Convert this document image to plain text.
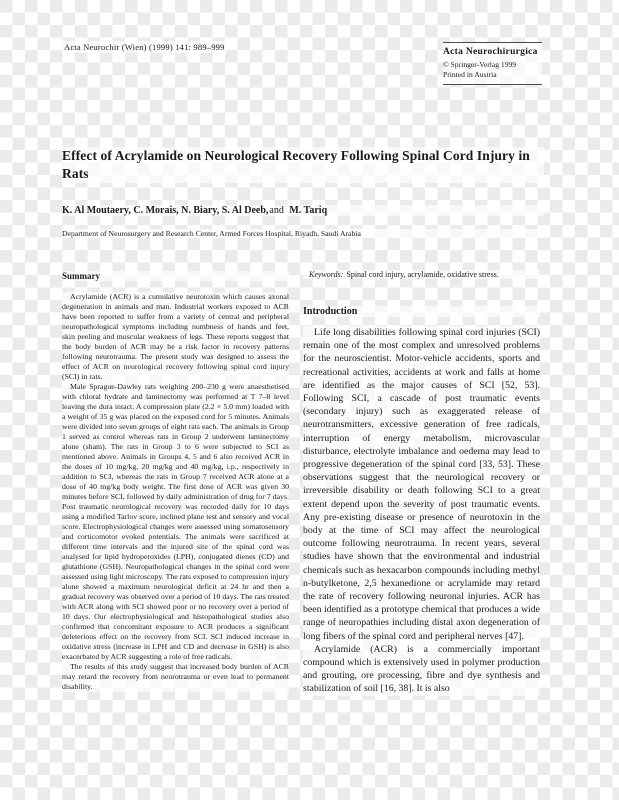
Acta Neurochir (Wien) (1999) 141: 989–999	Acta Neurochirurgica
© Springer-Verlag 1999
Printed in Austria
Effect of Acrylamide on Neurological Recovery Following Spinal Cord Injury in Rats
K. Al Moutaery, C. Morais, N. Biary, S. Al Deeb,and M. Tariq
Department of Neurosurgery and Research Center, Armed Forces Hospital, Riyadh, Saudi Arabia
Summary

Acrylamide (ACR) is a cumulative neurotoxin which causes axonal degeneration in animals and man. Industrial workers exposed to ACR have been reported to suffer from a variety of central and peripheral neuropathological symptoms including numbness of hands and feet, skin peeling and muscular weakness of legs. These reports suggest that the body burden of ACR may be a risk factor in recovery patterns following neurotrauma. The present study was designed to assess the effect of ACR on neurological recovery following spinal cord injury (SCI) in rats.

Male Sprague-Dawley rats weighing 200–230 g were anaesthetised with chloral hydrate and laminectomy was performed at T 7–8 level leaving the dura intact. A compression plate (2.2 × 5.0 mm) loaded with a weight of 35 g was placed on the exposed cord for 5 minutes. Animals were divided into seven groups of eight rats each. The animals in Group 1 served as control whereas rats in Group 2 underwent laminectomy alone (sham). The rats in Group 3 to 6 were subjected to SCI as mentioned above. Animals in Groups 4, 5 and 6 also received ACR in the doses of 10 mg/kg, 20 mg/kg and 40 mg/kg, i.p., respectively in addition to SCI, whereas the rats in Group 7 received ACR alone at a dose of 40 mg/kg body weight. The first dose of ACR was given 30 minutes before SCI, followed by daily administration of drug for 7 days. Post traumatic neurological recovery was recorded daily for 10 days using a modified Tarlov score, inclined plane test and sensory and vocal score. Electrophysiological changes were assessed using somatosensory and corticomotor evoked potentials. The animals were sacrificed at different time intervals and the injured site of the spinal cord was analysed for lipid hydroperoxides (LPH), conjugated dienes (CD) and glutathione (GSH). Neuropathological changes in the spinal cord were assessed using light microscopy. The rats exposed to compression injury alone showed a maximum neurological deficit at 24 hr and then a gradual recovery was observed over a period of 10 days. The rats treated with ACR along with SCI showed poor or no recovery over a period of 10 days. Our electrophysiological and histopathological studies also confirmed that concomitant exposure to ACR produces a significant deleterious effect on the recovery from SCI. SCI induced increase in oxidative stress (increase in LPH and CD and decrease in GSH) is also exacerbated by ACR suggesting a role of free radicals.

The results of this study suggest that increased body burden of ACR may retard the recovery from neurotrauma or even lead to permanent disability.

Keywords: Spinal cord injury, acrylamide, oxidative stress.
Introduction

Life long disabilities following spinal cord injuries (SCI) remain one of the most complex and unresolved problems for the neuroscientist. Motor-vehicle accidents, sports and recreational activities, accidents at work and falls at home are identified as the major causes of SCI [52, 53]. Following SCI, a cascade of post traumatic events (secondary injury) such as exaggerated release of neurotransmitters, excessive generation of free radicals, interruption of energy metabolism, microvascular disturbance, electrolyte imbalance and oedema may lead to progressive degeneration of the spinal cord [33, 53]. These observations suggest that the neurological recovery or irreversible disability or death following SCI to a great extent depend upon the severity of post traumatic events. Any pre-existing disease or presence of neurotoxin in the body at the time of SCI may affect the neurological outcome following neurotrauma. In recent years, several studies have shown that the environmental and industrial chemicals such as hexacarbon compounds including methyl n-butylketone, 2,5 hexanedione or acrylamide may retard the rate of recovery following neuronal injuries. ACR has been identified as a prototype chemical that produces a wide range of neuropathies including distal axon degeneration of long fibers of the spinal cord and peripheral nerves [47].

Acrylamide (ACR) is a commercially important compound which is extensively used in polymer production and grouting, ore processing, fibre and dye synthesis and stabilization of soil [16, 38]. It is also
